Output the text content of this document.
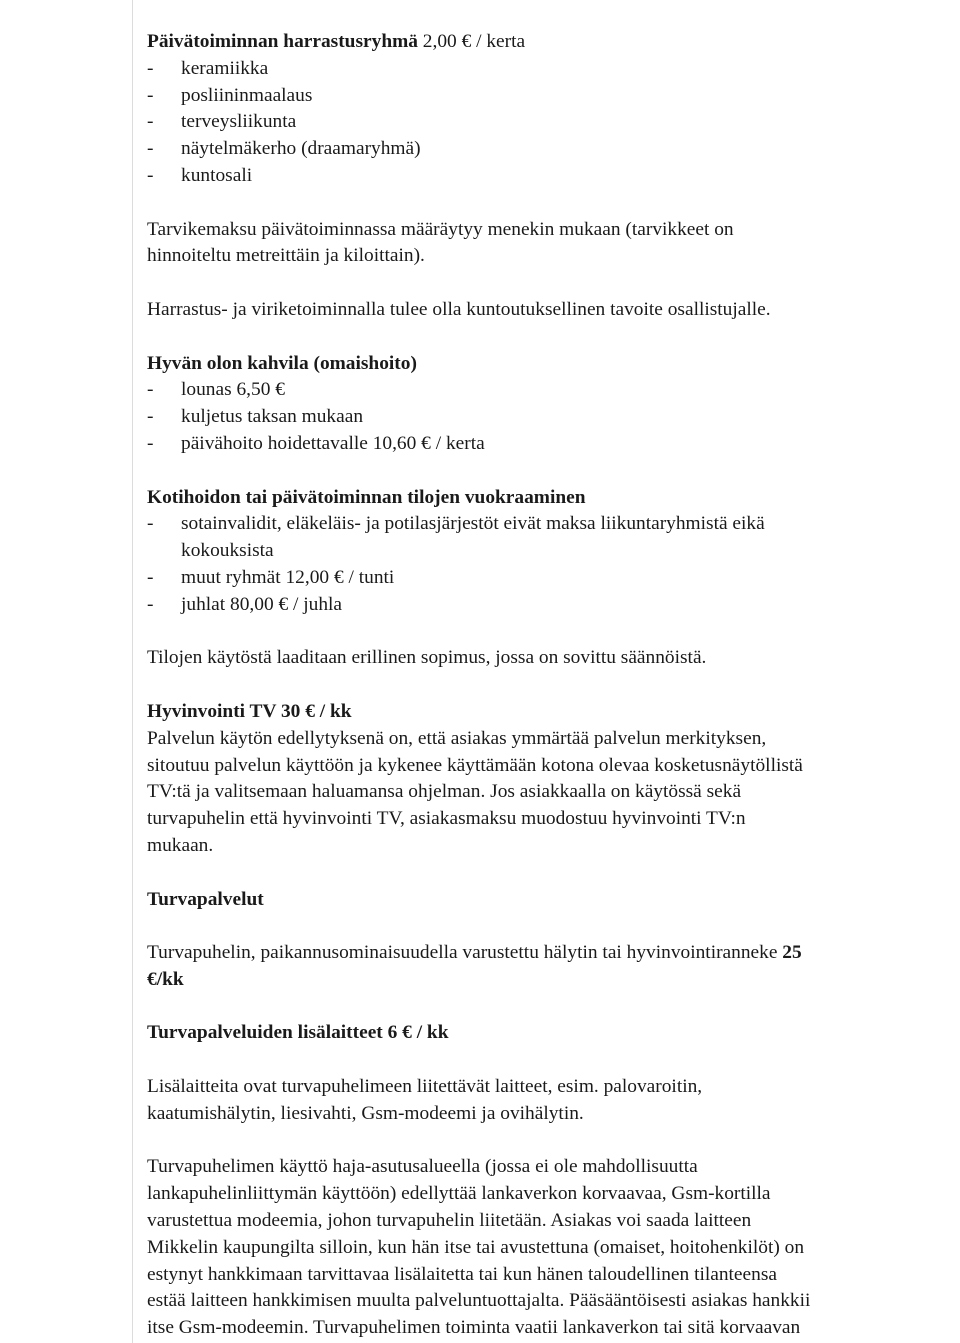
Päivätoiminnan harrastusryhmä 2,00 € / kerta
- keramiikka
- posliininmaalaus
- terveysliikunta
- näytelmäkerho (draamaryhmä)
- kuntosali
Tarvikemaksu päivätoiminnassa määräytyy menekin mukaan (tarvikkeet on
hinnoiteltu metreittäin ja kiloittain).
Harrastus- ja viriketoiminnalla tulee olla kuntoutuksellinen tavoite osallistujalle.
Hyvän olon kahvila (omaishoito)
- lounas 6,50 €
- kuljetus taksan mukaan
- päivähoito hoidettavalle 10,60 € / kerta
Kotihoidon tai päivätoiminnan tilojen vuokraaminen
- sotainvalidit, eläkeläis- ja potilasjärjestöt eivät maksa liikuntaryhmistä eikä
kokouksista
- muut ryhmät 12,00 € / tunti
- juhlat 80,00 € / juhla
Tilojen käytöstä laaditaan erillinen sopimus, jossa on sovittu säännöistä.
Hyvinvointi TV 30 € / kk
Palvelun käytön edellytyksenä on, että asiakas ymmärtää palvelun merkityksen,
sitoutuu palvelun käyttöön ja kykenee käyttämään kotona olevaa kosketusnäytöllistä
TV:tä ja valitsemaan haluamansa ohjelman. Jos asiakkaalla on käytössä sekä
turvapuhelin että hyvinvointi TV, asiakasmaksu muodostuu hyvinvointi TV:n
mukaan.
Turvapalvelut
Turvapuhelin, paikannusominaisuudella varustettu hälytin tai hyvinvointiranneke 25
€/kk
Turvapalveluiden lisälaitteet 6 € / kk
Lisälaitteita ovat turvapuhelimeen liitettävät laitteet, esim. palovaroitin,
kaatumishälytin, liesivahti, Gsm-modeemi ja ovihälytin.
Turvapuhelimen käyttö haja-asutusalueella (jossa ei ole mahdollisuutta
lankapuhelinliittymän käyttöön) edellyttää lankaverkon korvaavaa, Gsm-kortilla
varustettua modeemia, johon turvapuhelin liitetään. Asiakas voi saada laitteen
Mikkelin kaupungilta silloin, kun hän itse tai avustettuna (omaiset, hoitohenkilöt) on
estynyt hankkimaan tarvittavaa lisälaitetta tai kun hänen taloudellinen tilanteensa
estää laitteen hankkimisen muulta palveluntuottajalta. Pääsääntöisesti asiakas hankkii
itse Gsm-modeemin. Turvapuhelimen toiminta vaatii lankaverkon tai sitä korvaavan
